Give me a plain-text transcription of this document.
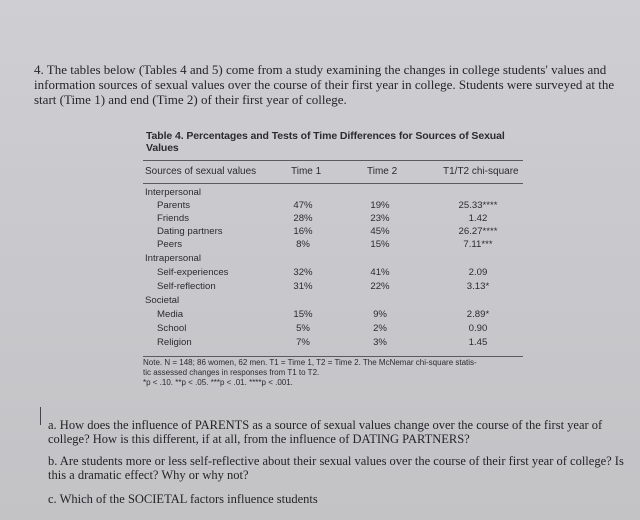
4. The tables below (Tables 4 and 5) come from a study examining the changes in college students' values and
information sources of sexual values over the course of their first year in college. Students were surveyed at the
start (Time 1) and end (Time 2) of their first year of college.
Table 4. Percentages and Tests of Time Differences for Sources of Sexual Values
Sources of sexual values	Time 1	Time 2	T1/T2 chi-square
Interpersonal
Parents	47%	19%	25.33****
Friends	28%	23%	1.42
Dating partners	16%	45%	26.27****
Peers	8%	15%	7.11***
Intrapersonal
Self-experiences	32%	41%	2.09
Self-reflection	31%	22%	3.13*
Societal
Media	15%	9%	2.89*
School	5%	2%	0.90
Religion	7%	3%	1.45
Note. N = 148; 86 women, 62 men. T1 = Time 1, T2 = Time 2. The McNemar chi-square statis-
tic assessed changes in responses from T1 to T2.
*p < .10. **p < .05. ***p < .01. ****p < .001.
a. How does the influence of PARENTS as a source of sexual values change over the course of the first year of
college? How is this different, if at all, from the influence of DATING PARTNERS?
b. Are students more or less self-reflective about their sexual values over the course of their first year of college? Is
this a dramatic effect? Why or why not?
c. Which of the SOCIETAL factors influence students
